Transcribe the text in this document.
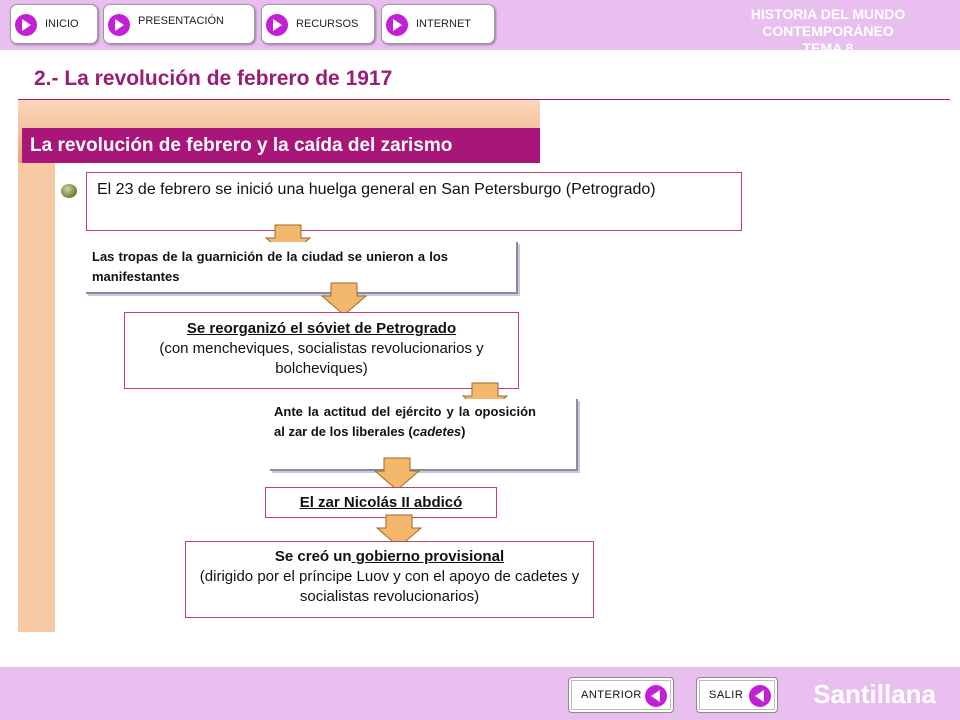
INICIO	PRESENTACIÓN	RECURSOS	INTERNET
HISTORIA DEL MUNDO CONTEMPORÁNEO
TEMA 8
2.- La revolución de febrero de 1917
La revolución de febrero y la caída del zarismo
El 23 de febrero se inició una huelga general en San Petersburgo (Petrogrado)
Las tropas de la guarnición de la ciudad se unieron a los manifestantes
Se reorganizó el sóviet de Petrogrado
(con mencheviques, socialistas revolucionarios y bolcheviques)
Ante la actitud del ejército y la oposición al zar de los liberales (cadetes)
El zar Nicolás II abdicó
Se creó un gobierno provisional
(dirigido por el príncipe Luov y con el apoyo de cadetes y socialistas revolucionarios)
ANTERIOR	SALIR	Santillana
